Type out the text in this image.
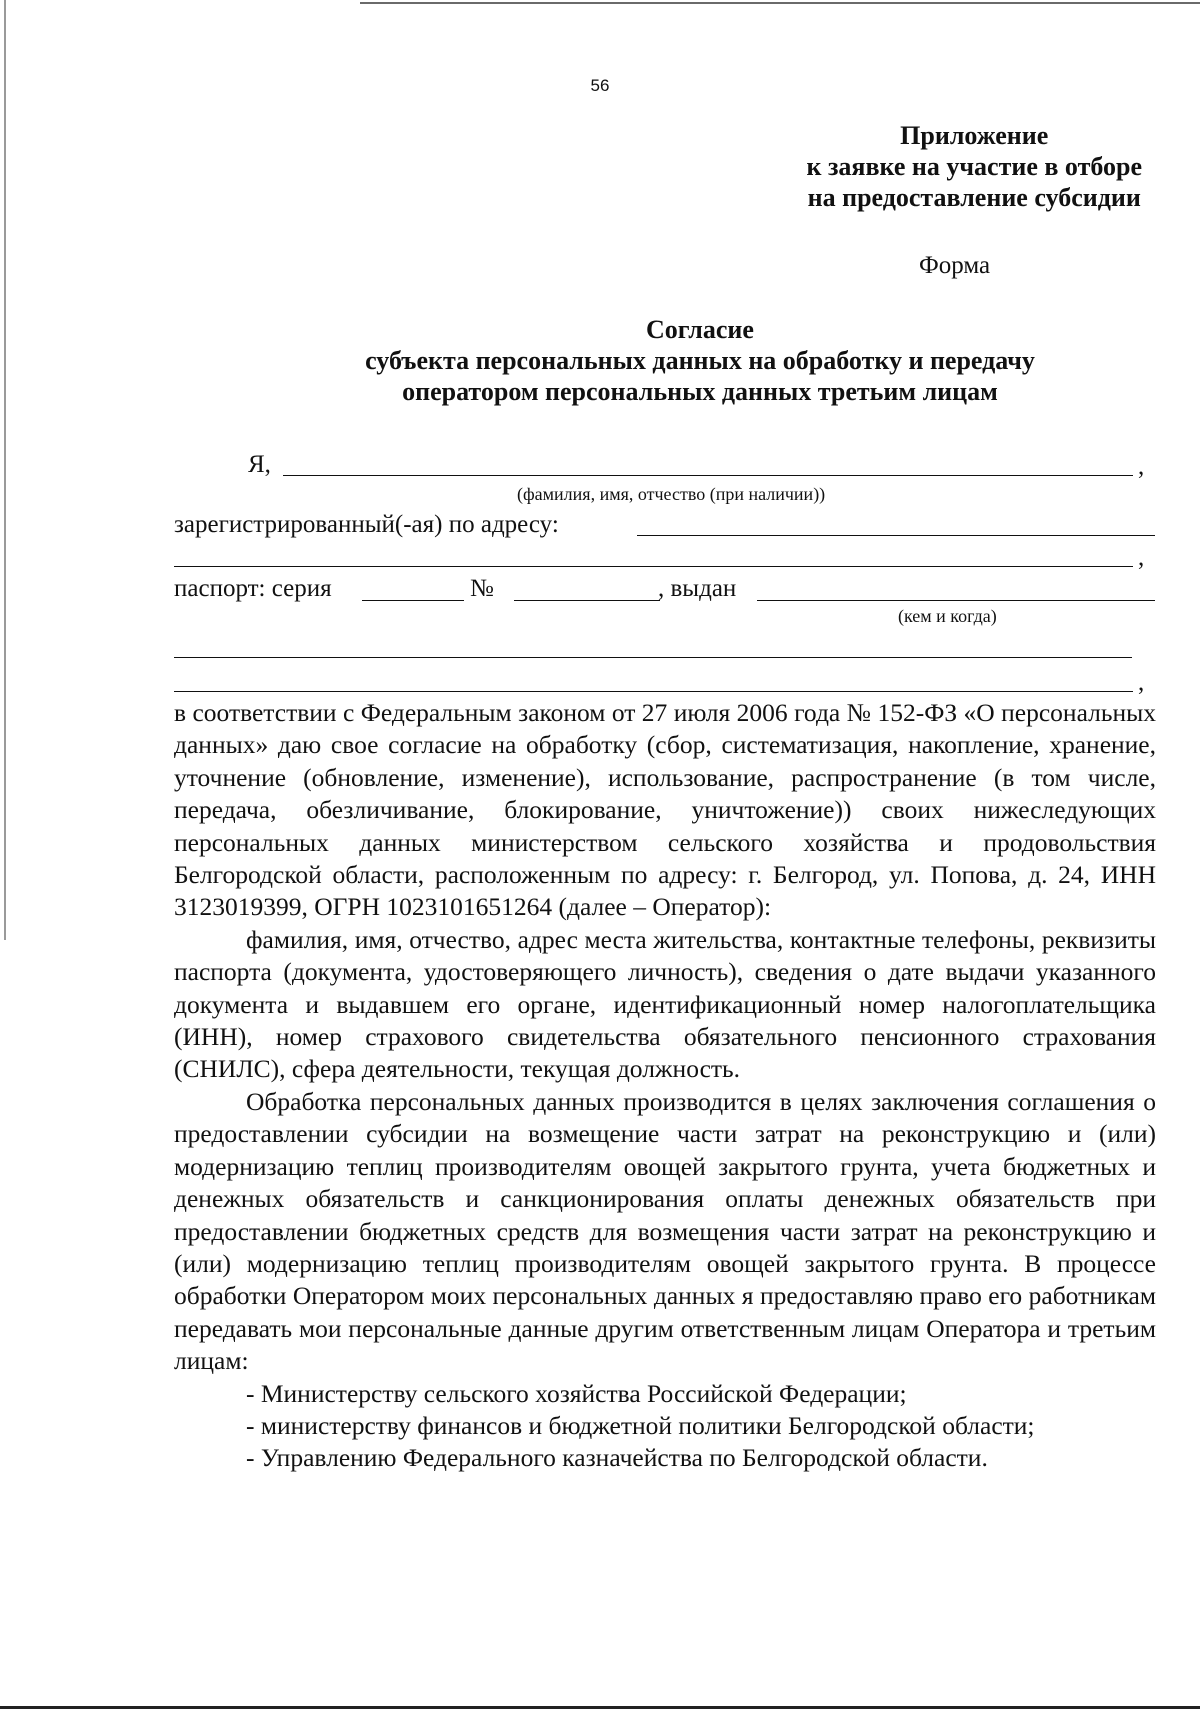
56
Приложение
к заявке на участие в отборе
на предоставление субсидии
Форма
Согласие
субъекта персональных данных на обработку и передачу
оператором персональных данных третьим лицам
Я,	,
(фамилия, имя, отчество (при наличии))
зарегистрированный(-ая) по адресу:
,
паспорт: серия	№	, выдан
(кем и когда)
,

в соответствии с Федеральным законом от 27 июля 2006 года № 152-ФЗ «О персональных данных» даю свое согласие на обработку (сбор, систематизация, накопление, хранение, уточнение (обновление, изменение), использование, распространение (в том числе, передача, обезличивание, блокирование, уничтожение)) своих нижеследующих персональных данных министерством сельского хозяйства и продовольствия Белгородской области, расположенным по адресу: г. Белгород, ул. Попова, д. 24, ИНН 3123019399, ОГРН 1023101651264 (далее – Оператор):

фамилия, имя, отчество, адрес места жительства, контактные телефоны, реквизиты паспорта (документа, удостоверяющего личность), сведения о дате выдачи указанного документа и выдавшем его органе, идентификационный номер налогоплательщика (ИНН), номер страхового свидетельства обязательного пенсионного страхования (СНИЛС), сфера деятельности, текущая должность.

Обработка персональных данных производится в целях заключения соглашения о предоставлении субсидии на возмещение части затрат на реконструкцию и (или) модернизацию теплиц производителям овощей закрытого грунта, учета бюджетных и денежных обязательств и санкционирования оплаты денежных обязательств при предоставлении бюджетных средств для возмещения части затрат на реконструкцию и (или) модернизацию теплиц производителям овощей закрытого грунта. В процессе обработки Оператором моих персональных данных я предоставляю право его работникам передавать мои персональные данные другим ответственным лицам Оператора и третьим лицам:

- Министерству сельского хозяйства Российской Федерации;

- министерству финансов и бюджетной политики Белгородской области;

- Управлению Федерального казначейства по Белгородской области.
